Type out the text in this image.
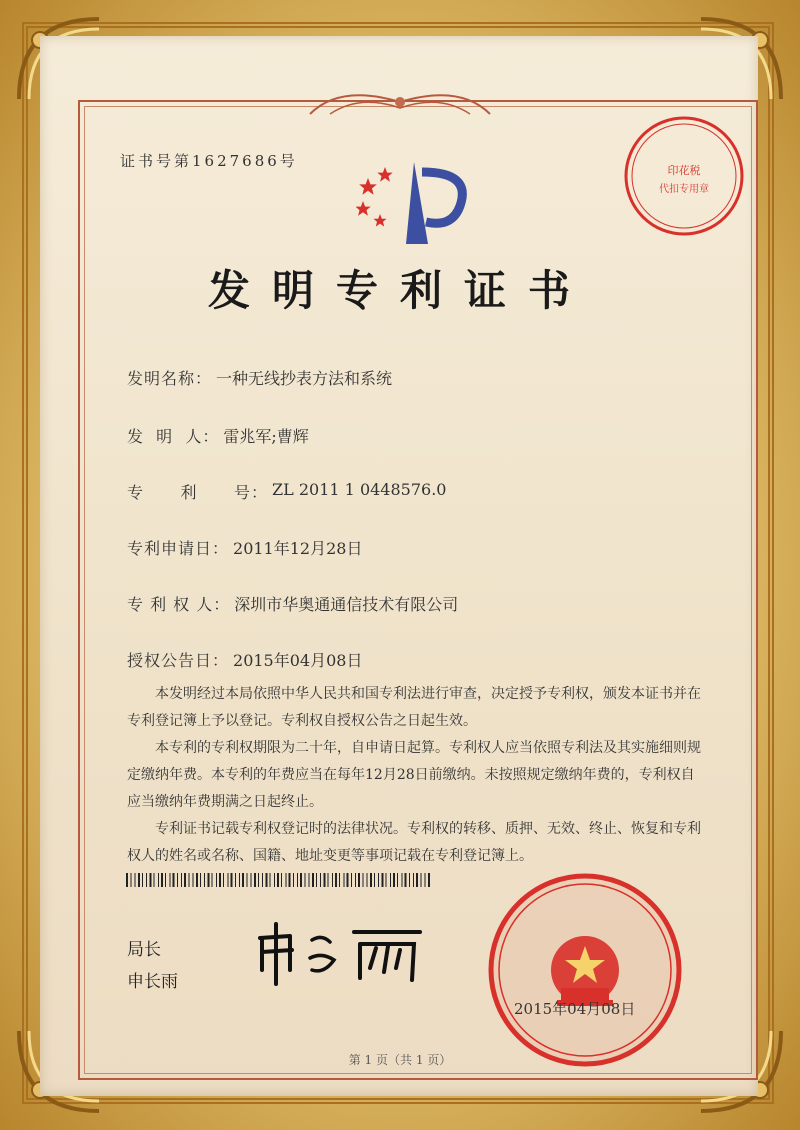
证书号第1627686号
印花税
代扣专用章
发明专利证书
发明名称： 一种无线抄表方法和系统
发  明  人： 雷兆军;曹辉
专      利      号： ZL 2011 1 0448576.0
专利申请日： 2011年12月28日
专 利 权 人： 深圳市华奥通通信技术有限公司
授权公告日： 2015年04月08日

本发明经过本局依照中华人民共和国专利法进行审查，决定授予专利权，颁发本证书并在专利登记簿上予以登记。专利权自授权公告之日起生效。

本专利的专利权期限为二十年，自申请日起算。专利权人应当依照专利法及其实施细则规定缴纳年费。本专利的年费应当在每年12月28日前缴纳。未按照规定缴纳年费的，专利权自应当缴纳年费期满之日起终止。

专利证书记载专利权登记时的法律状况。专利权的转移、质押、无效、终止、恢复和专利权人的姓名或名称、国籍、地址变更等事项记载在专利登记簿上。

局长
申长雨
2015年04月08日
第 1 页（共 1 页）
